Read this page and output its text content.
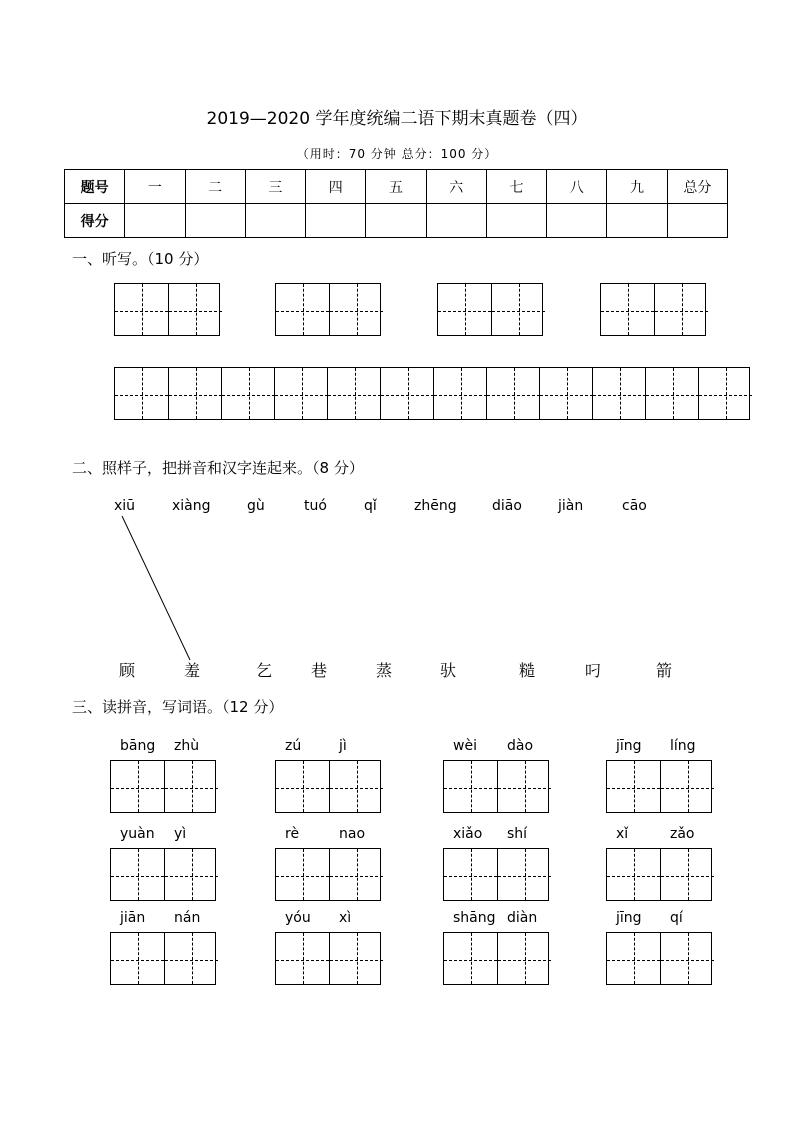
2019—2020 学年度统编二语下期末真题卷（四）
（用时：70 分钟 总分：100 分）
题号	一	二	三	四	五	六	七	八	九	总分
得分										
一、听写。（10 分）
二、照样子，把拼音和汉字连起来。（8 分）
xiū	xiàng	gù	tuó	qǐ	zhēng	diāo	jiàn	cāo
顾	羞	乞 巷	蒸	驮	糙	叼	箭
三、读拼音，写词语。（12 分）
bāng	zhù	zú	jì	wèi	dào	jīng	líng
yuàn	yì	rè	nao	xiǎo	shí	xǐ	zǎo
jiān	nán	yóu	xì	shāng diàn	jīng	qí
